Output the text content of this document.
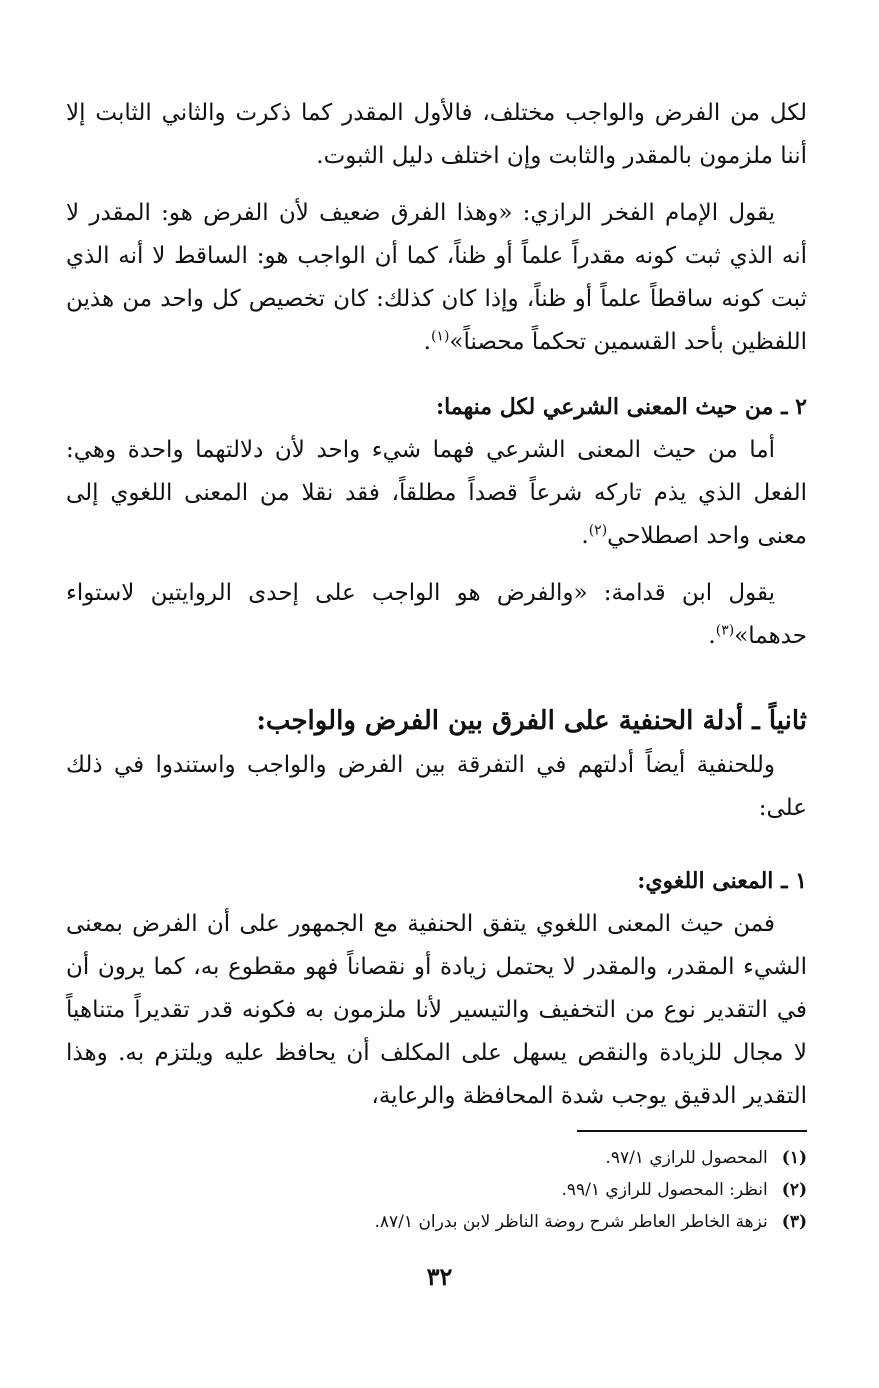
لكل من الفرض والواجب مختلف، فالأول المقدر كما ذكرت والثاني الثابت إلا أننا ملزمون بالمقدر والثابت وإن اختلف دليل الثبوت.

يقول الإمام الفخر الرازي: «وهذا الفرق ضعيف لأن الفرض هو: المقدر لا أنه الذي ثبت كونه مقدراً علماً أو ظناً، كما أن الواجب هو: الساقط لا أنه الذي ثبت كونه ساقطاً علماً أو ظناً، وإذا كان كذلك: كان تخصيص كل واحد من هذين اللفظين بأحد القسمين تحكماً محصناً»$^{(١)}$.

٢ ـ من حيث المعنى الشرعي لكل منهما:

أما من حيث المعنى الشرعي فهما شيء واحد لأن دلالتهما واحدة وهي: الفعل الذي يذم تاركه شرعاً قصداً مطلقاً، فقد نقلا من المعنى اللغوي إلى معنى واحد اصطلاحي$^{(٢)}$.

يقول ابن قدامة: «والفرض هو الواجب على إحدى الروايتين لاستواء حدهما»$^{(٣)}$.

ثانياً ـ أدلة الحنفية على الفرق بين الفرض والواجب:

وللحنفية أيضاً أدلتهم في التفرقة بين الفرض والواجب واستندوا في ذلك على:

١ ـ المعنى اللغوي:

فمن حيث المعنى اللغوي يتفق الحنفية مع الجمهور على أن الفرض بمعنى الشيء المقدر، والمقدر لا يحتمل زيادة أو نقصاناً فهو مقطوع به، كما يرون أن في التقدير نوع من التخفيف والتيسير لأنا ملزمون به فكونه قدر تقديراً متناهياً لا مجال للزيادة والنقص يسهل على المكلف أن يحافظ عليه ويلتزم به. وهذا التقدير الدقيق يوجب شدة المحافظة والرعاية،

(١)المحصول للرازي ٩٧/١.

(٢)انظر: المحصول للرازي ٩٩/١.

(٣)نزهة الخاطر العاطر شرح روضة الناظر لابن بدران ٨٧/١.

٣٢
